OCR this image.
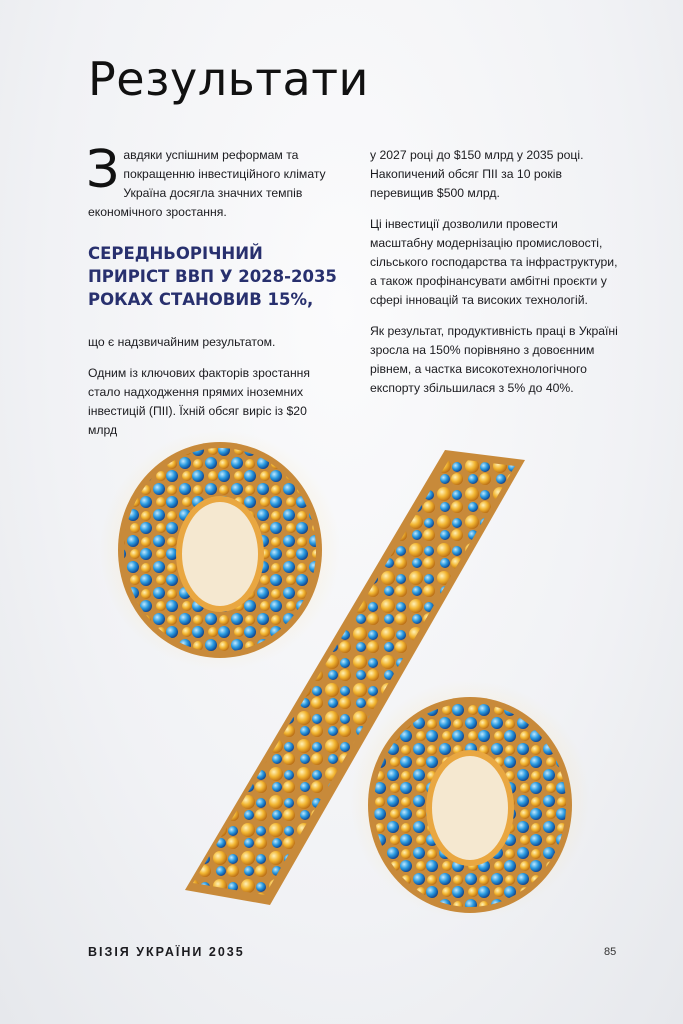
Результати

Завдяки успішним реформам та покращенню інвестиційного клімату Україна досягла значних темпів економічного зростання.

СЕРЕДНЬОРІЧНИЙ ПРИРІСТ ВВП У 2028-2035 РОКАХ СТАНОВИВ 15%,

що є надзвичайним результатом.

Одним із ключових факторів зростання стало надходження прямих іноземних інвестицій (ПІІ). Їхній обсяг виріс із $20 млрд

у 2027 році до $150 млрд у 2035 році. Накопичений обсяг ПІІ за 10 років перевищив $500 млрд.

Ці інвестиції дозволили провести масштабну модернізацію промисловості, сільського господарства та інфраструктури, а також профінансувати амбітні проєкти у сфері інновацій та високих технологій.

Як результат, продуктивність праці в Україні зросла на 150% порівняно з довоєнним рівнем, а частка високотехнологічного експорту збільшилася з 5% до 40%.

ВІЗІЯ УКРАЇНИ 2035	85
